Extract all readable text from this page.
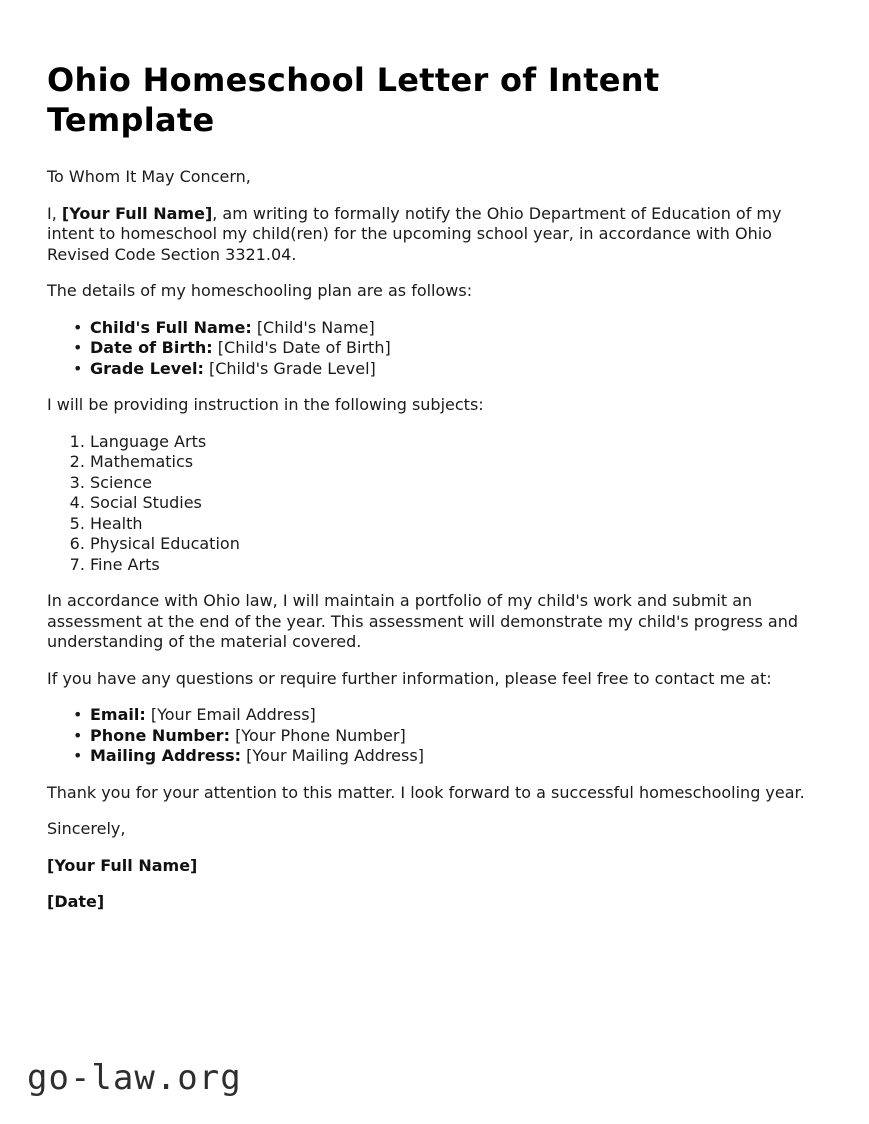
Ohio Homeschool Letter of Intent Template

To Whom It May Concern,

I, [Your Full Name], am writing to formally notify the Ohio Department of Education of my intent to homeschool my child(ren) for the upcoming school year, in accordance with Ohio Revised Code Section 3321.04.

The details of my homeschooling plan are as follows:

• Child's Full Name: [Child's Name]
• Date of Birth: [Child's Date of Birth]
• Grade Level: [Child's Grade Level]

I will be providing instruction in the following subjects:

1. Language Arts
2. Mathematics
3. Science
4. Social Studies
5. Health
6. Physical Education
7. Fine Arts

In accordance with Ohio law, I will maintain a portfolio of my child's work and submit an assessment at the end of the year. This assessment will demonstrate my child's progress and understanding of the material covered.

If you have any questions or require further information, please feel free to contact me at:

• Email: [Your Email Address]
• Phone Number: [Your Phone Number]
• Mailing Address: [Your Mailing Address]

Thank you for your attention to this matter. I look forward to a successful homeschooling year.

Sincerely,

[Your Full Name]

[Date]

go-law.org
